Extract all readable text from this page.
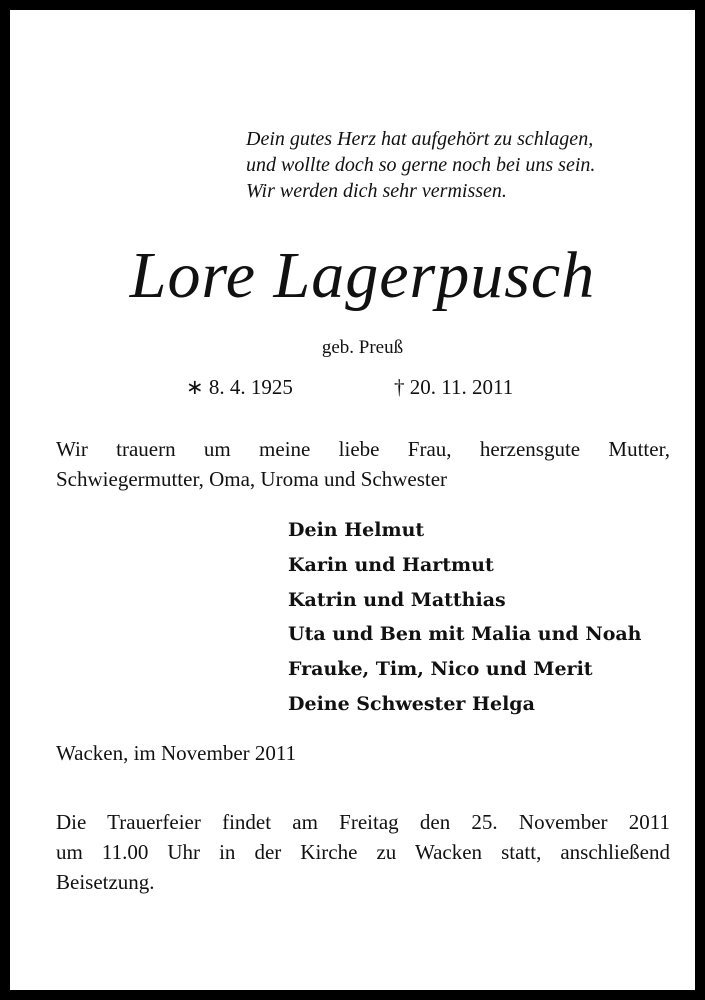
Dein gutes Herz hat aufgehört zu schlagen,
und wollte doch so gerne noch bei uns sein.
Wir werden dich sehr vermissen.
Lore Lagerpusch
geb. Preuß
∗ 8. 4. 1925	† 20. 11. 2011
Wir trauern um meine liebe Frau, herzensgute Mutter,
Schwiegermutter, Oma, Uroma und Schwester
Dein Helmut
Karin und Hartmut
Katrin und Matthias
Uta und Ben mit Malia und Noah
Frauke, Tim, Nico und Merit
Deine Schwester Helga
Wacken, im November 2011
Die Trauerfeier findet am Freitag den 25. November 2011
um 11.00 Uhr in der Kirche zu Wacken statt, anschließend
Beisetzung.
